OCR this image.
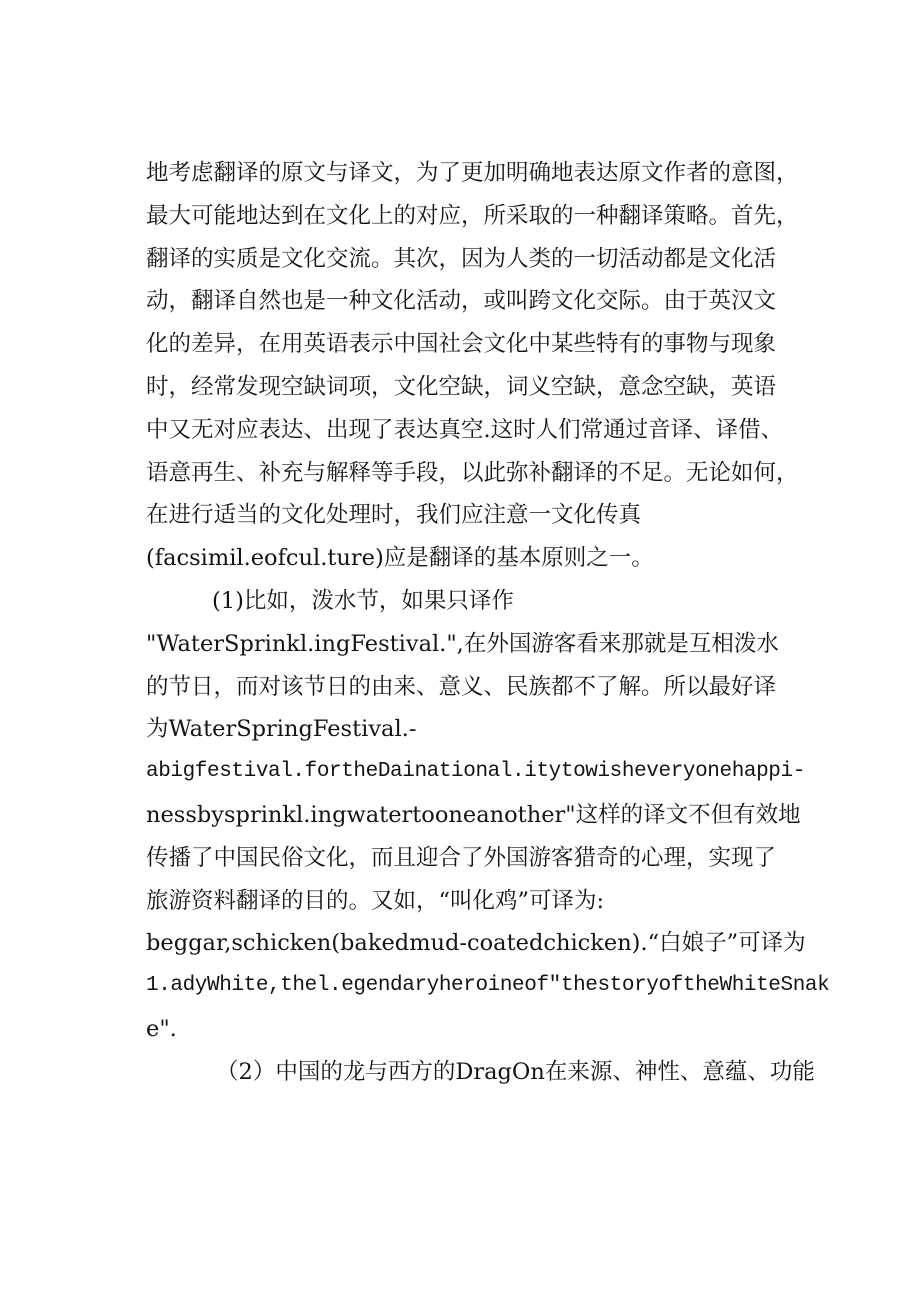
地考虑翻译的原文与译文，为了更加明确地表达原文作者的意图，
最大可能地达到在文化上的对应，所采取的一种翻译策略。首先，
翻译的实质是文化交流。其次，因为人类的一切活动都是文化活
动，翻译自然也是一种文化活动，或叫跨文化交际。由于英汉文
化的差异，在用英语表示中国社会文化中某些特有的事物与现象
时，经常发现空缺词项，文化空缺，词义空缺，意念空缺，英语
中又无对应表达、出现了表达真空.这时人们常通过音译、译借、
语意再生、补充与解释等手段，以此弥补翻译的不足。无论如何，
在进行适当的文化处理时，我们应注意一文化传真
(facsimil.eofcul.ture)应是翻译的基本原则之一。
(1)比如，泼水节，如果只译作
"WaterSprinkl.ingFestival.",在外国游客看来那就是互相泼水
的节日，而对该节日的由来、意义、民族都不了解。所以最好译
为WaterSpringFestival.-
abigfestival.fortheDainational.itytowisheveryonehappi-
nessbysprinkl.ingwatertooneanother"这样的译文不但有效地
传播了中国民俗文化，而且迎合了外国游客猎奇的心理，实现了
旅游资料翻译的目的。又如，“叫化鸡”可译为:
beggar,schicken(bakedmud-coatedchicken).“白娘子”可译为
1.adyWhite,thel.egendaryheroineof"thestoryoftheWhiteSnak
e".
（2）中国的龙与西方的DragOn在来源、神性、意蕴、功能
